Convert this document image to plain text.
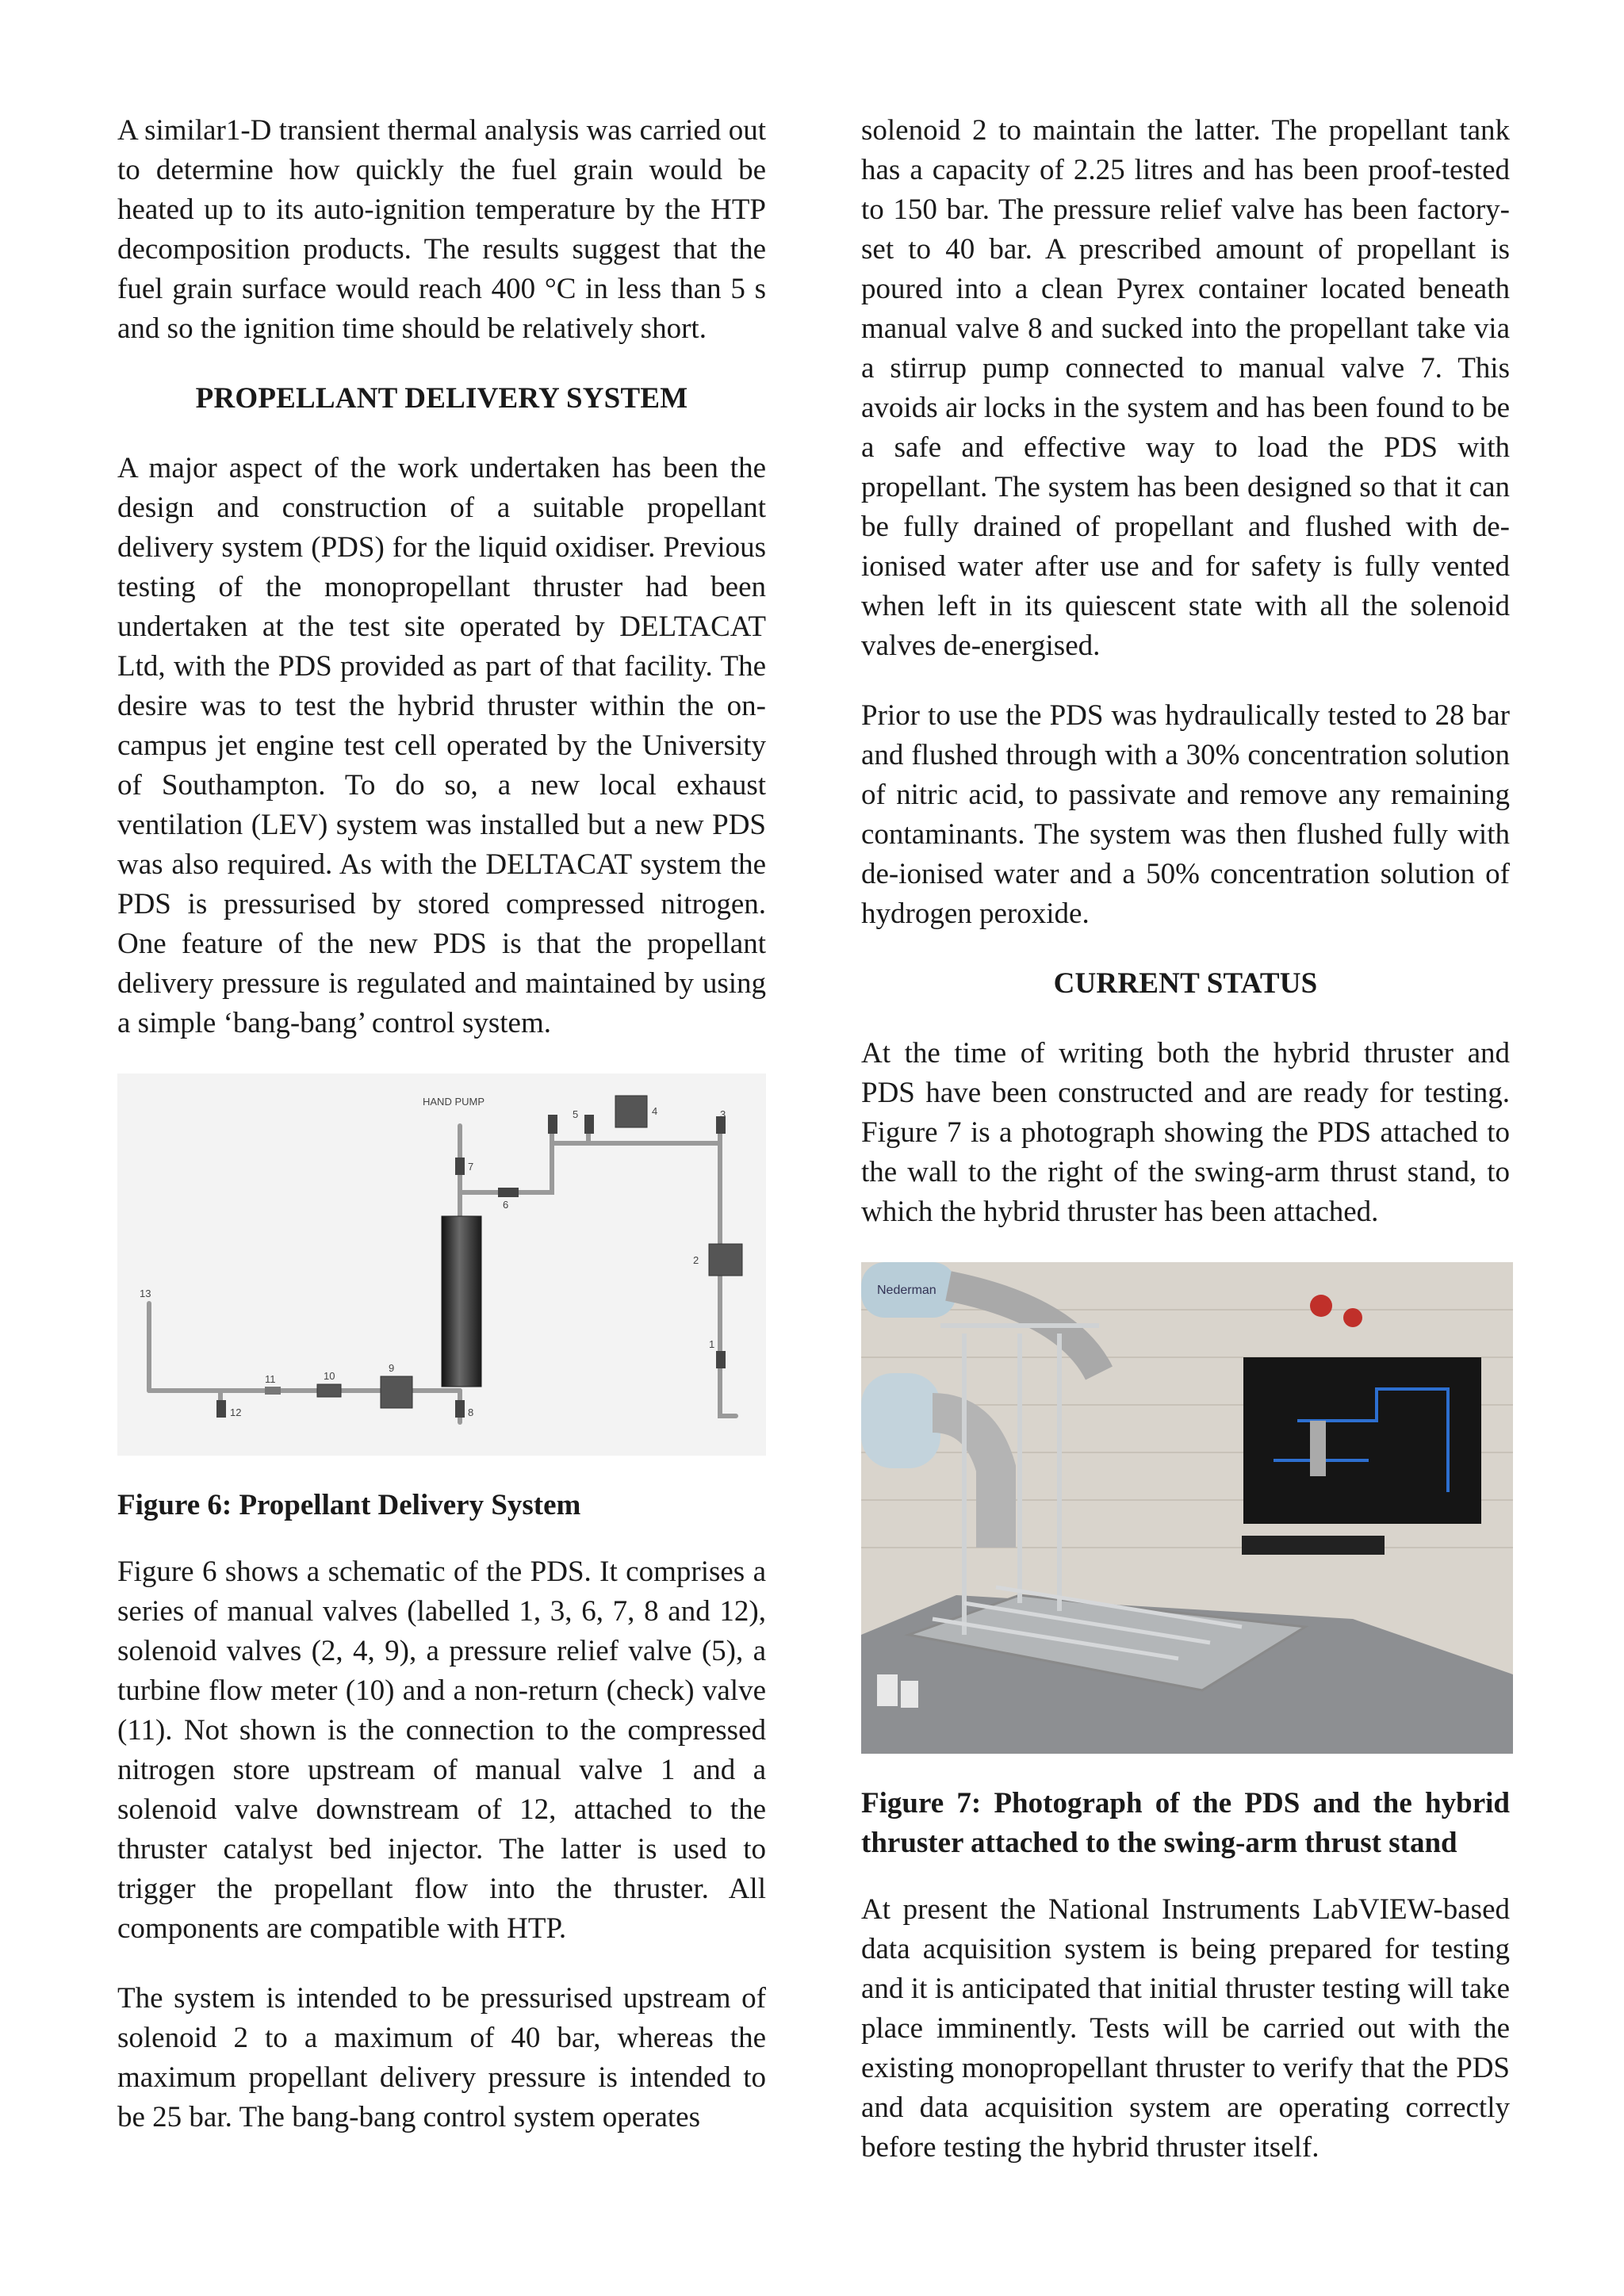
A similar1-D transient thermal analysis was carried out to determine how quickly the fuel grain would be heated up to its auto-ignition temperature by the HTP decomposition products. The results suggest that the fuel grain surface would reach 400 °C in less than 5 s and so the ignition time should be relatively short.

PROPELLANT DELIVERY SYSTEM

A major aspect of the work undertaken has been the design and construction of a suitable propellant delivery system (PDS) for the liquid oxidiser. Previous testing of the monopropellant thruster had been undertaken at the test site operated by DELTACAT Ltd, with the PDS provided as part of that facility. The desire was to test the hybrid thruster within the on-campus jet engine test cell operated by the University of Southampton. To do so, a new local exhaust ventilation (LEV) system was installed but a new PDS was also required. As with the DELTACAT system the PDS is pressurised by stored compressed nitrogen. One feature of the new PDS is that the propellant delivery pressure is regulated and maintained by using a simple ‘bang-bang’ control system.

HAND PUMP
1
2
3
4
5
6
7
8
9
10
11
12
13

Figure 6: Propellant Delivery System

Figure 6 shows a schematic of the PDS. It comprises a series of manual valves (labelled 1, 3, 6, 7, 8 and 12), solenoid valves (2, 4, 9), a pressure relief valve (5), a turbine flow meter (10) and a non-return (check) valve (11). Not shown is the connection to the compressed nitrogen store upstream of manual valve 1 and a solenoid valve downstream of 12, attached to the thruster catalyst bed injector. The latter is used to trigger the propellant flow into the thruster. All components are compatible with HTP.

The system is intended to be pressurised upstream of solenoid 2 to a maximum of 40 bar, whereas the maximum propellant delivery pressure is intended to be 25 bar. The bang-bang control system operates

solenoid 2 to maintain the latter. The propellant tank has a capacity of 2.25 litres and has been proof-tested to 150 bar. The pressure relief valve has been factory-set to 40 bar. A prescribed amount of propellant is poured into a clean Pyrex container located beneath manual valve 8 and sucked into the propellant take via a stirrup pump connected to manual valve 7. This avoids air locks in the system and has been found to be a safe and effective way to load the PDS with propellant. The system has been designed so that it can be fully drained of propellant and flushed with de-ionised water after use and for safety is fully vented when left in its quiescent state with all the solenoid valves de-energised.

Prior to use the PDS was hydraulically tested to 28 bar and flushed through with a 30% concentration solution of nitric acid, to passivate and remove any remaining contaminants. The system was then flushed fully with de-ionised water and a 50% concentration solution of hydrogen peroxide.

CURRENT STATUS

At the time of writing both the hybrid thruster and PDS have been constructed and are ready for testing. Figure 7 is a photograph showing the PDS attached to the wall to the right of the swing-arm thrust stand, to which the hybrid thruster has been attached.

Nederman

Figure 7: Photograph of the PDS and the hybrid thruster attached to the swing-arm thrust stand

At present the National Instruments LabVIEW-based data acquisition system is being prepared for testing and it is anticipated that initial thruster testing will take place imminently. Tests will be carried out with the existing monopropellant thruster to verify that the PDS and data acquisition system are operating correctly before testing the hybrid thruster itself.
